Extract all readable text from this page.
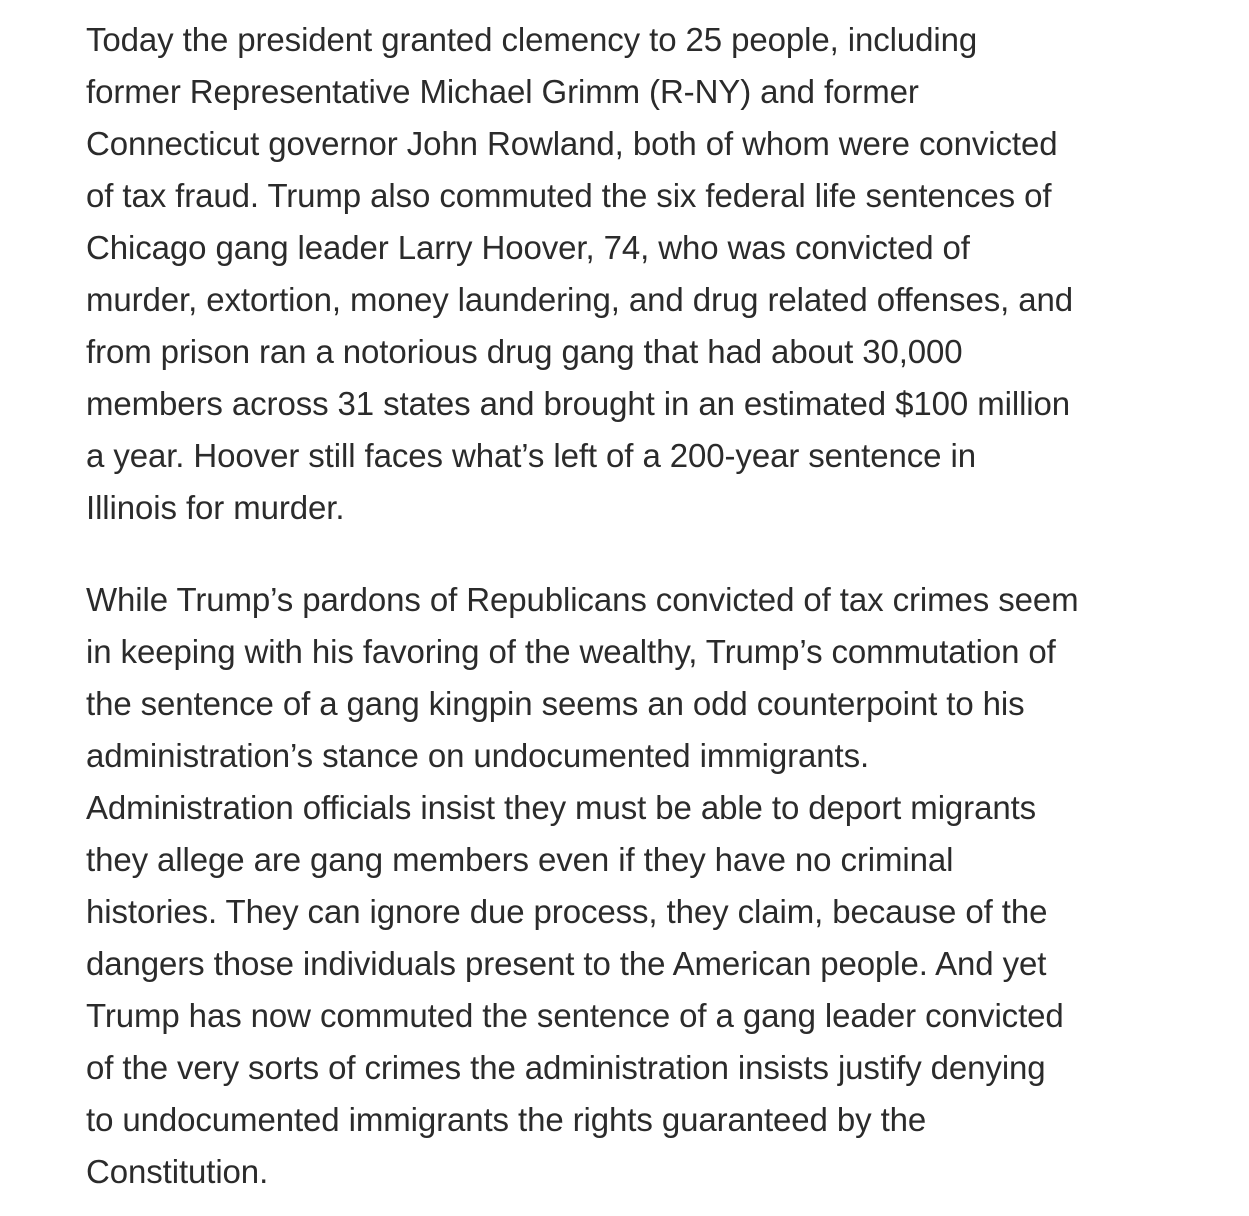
Today the president granted clemency to 25 people, including
former Representative Michael Grimm (R-NY) and former
Connecticut governor John Rowland, both of whom were convicted
of tax fraud. Trump also commuted the six federal life sentences of
Chicago gang leader Larry Hoover, 74, who was convicted of
murder, extortion, money laundering, and drug related offenses, and
from prison ran a notorious drug gang that had about 30,000
members across 31 states and brought in an estimated $100 million
a year. Hoover still faces what’s left of a 200-year sentence in
Illinois for murder.

While Trump’s pardons of Republicans convicted of tax crimes seem
in keeping with his favoring of the wealthy, Trump’s commutation of
the sentence of a gang kingpin seems an odd counterpoint to his
administration’s stance on undocumented immigrants.
Administration officials insist they must be able to deport migrants
they allege are gang members even if they have no criminal
histories. They can ignore due process, they claim, because of the
dangers those individuals present to the American people. And yet
Trump has now commuted the sentence of a gang leader convicted
of the very sorts of crimes the administration insists justify denying
to undocumented immigrants the rights guaranteed by the
Constitution.
